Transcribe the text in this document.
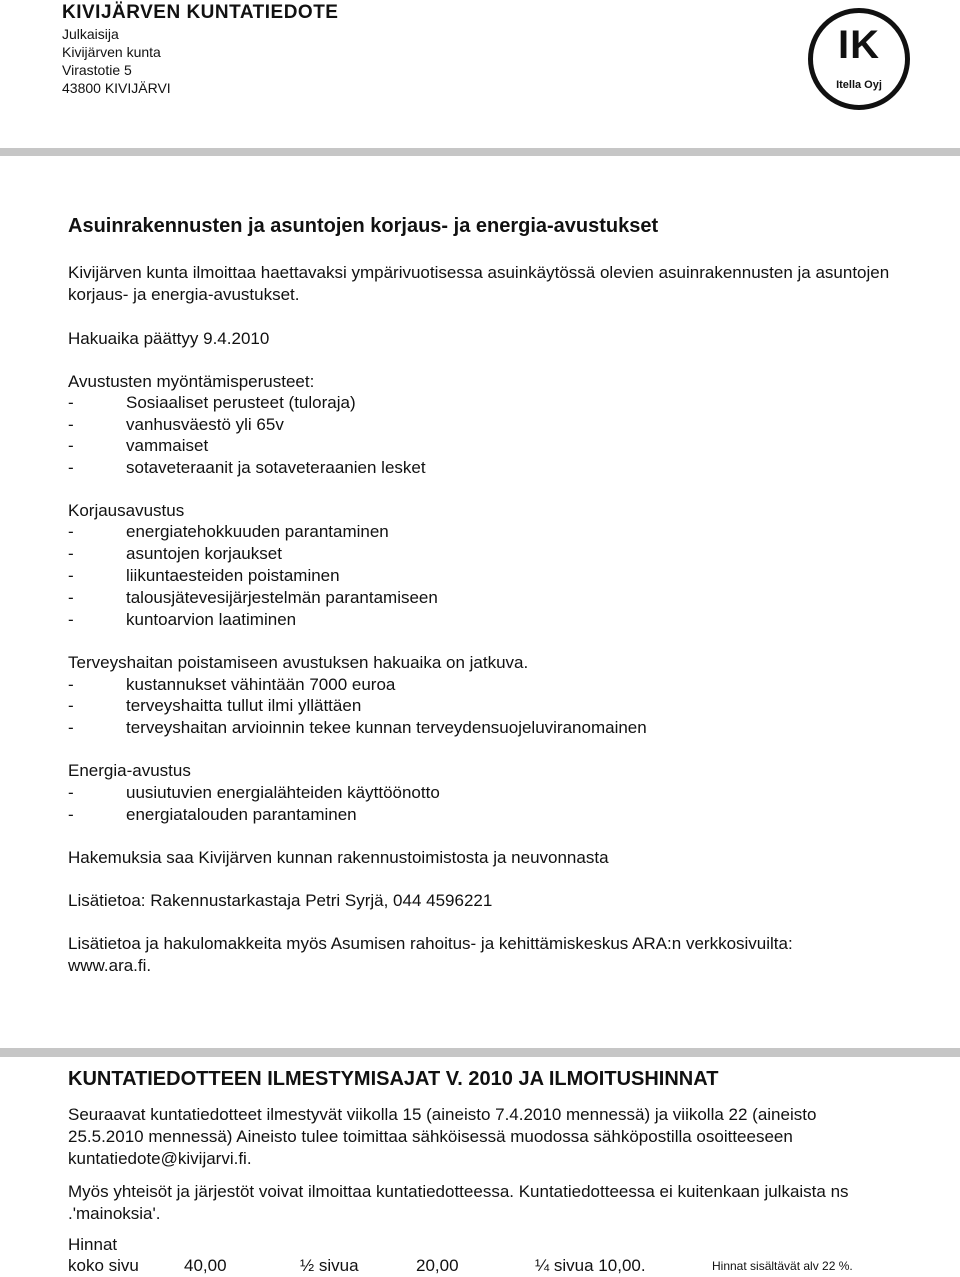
KIVIJÄRVEN KUNTATIEDOTE
Julkaisija
Kivijärven kunta
Virastotie 5
43800 KIVIJÄRVI
IK
Itella Oyj
Asuinrakennusten ja asuntojen korjaus- ja energia-avustukset
Kivijärven kunta ilmoittaa haettavaksi ympärivuotisessa asuinkäytössä olevien asuinrakennusten ja asuntojen korjaus- ja energia-avustukset.
Hakuaika päättyy 9.4.2010
Avustusten myöntämisperusteet:
-	Sosiaaliset perusteet (tuloraja)
-	vanhusväestö yli 65v
-	vammaiset
-	sotaveteraanit ja sotaveteraanien lesket
Korjausavustus
-	energiatehokkuuden parantaminen
-	asuntojen korjaukset
-	liikuntaesteiden poistaminen
-	talousjätevesijärjestelmän parantamiseen
-	kuntoarvion laatiminen
Terveyshaitan poistamiseen avustuksen hakuaika on jatkuva.
-	kustannukset vähintään 7000 euroa
-	terveyshaitta tullut ilmi yllättäen
-	terveyshaitan arvioinnin tekee kunnan terveydensuojeluviranomainen
Energia-avustus
-	uusiutuvien energialähteiden käyttöönotto
-	energiatalouden parantaminen
Hakemuksia saa Kivijärven kunnan rakennustoimistosta ja neuvonnasta
Lisätietoa: Rakennustarkastaja Petri Syrjä, 044 4596221
Lisätietoa ja hakulomakkeita myös Asumisen rahoitus- ja kehittämiskeskus ARA:n verkkosivuilta: www.ara.fi.
KUNTATIEDOTTEEN ILMESTYMISAJAT V. 2010 JA ILMOITUSHINNAT
Seuraavat kuntatiedotteet ilmestyvät viikolla 15 (aineisto 7.4.2010 mennessä) ja viikolla 22 (aineisto 25.5.2010 mennessä) Aineisto tulee toimittaa sähköisessä muodossa sähköpostilla osoitteeseen kuntatiedote@kivijarvi.fi.
Myös yhteisöt ja järjestöt voivat ilmoittaa kuntatiedotteessa. Kuntatiedotteessa ei kuitenkaan julkaista ns .'mainoksia'.
Hinnat
koko sivu	40,00	½ sivua	20,00	¼ sivua 10,00.	Hinnat sisältävät alv 22 %.
